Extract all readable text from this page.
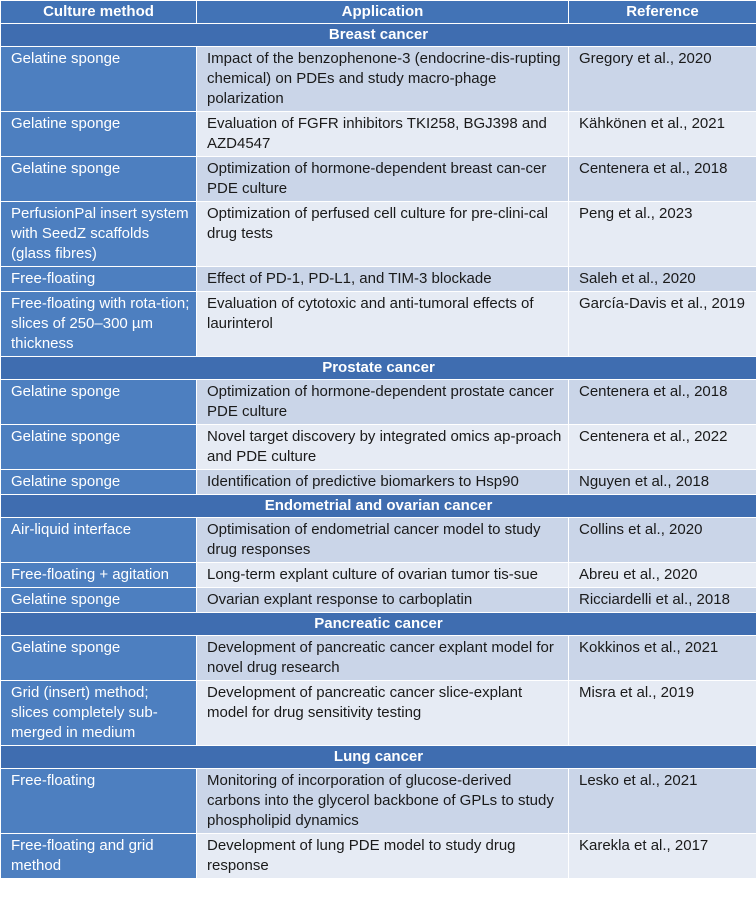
Culture method	Application	Reference
Breast cancer		
Gelatine sponge	Impact of the benzophenone-3 (endocrine-dis-rupting chemical) on PDEs and study macro-phage polarization	Gregory et al., 2020
Gelatine sponge	Evaluation of FGFR inhibitors TKI258, BGJ398 and AZD4547	Kähkönen et al., 2021
Gelatine sponge	Optimization of hormone-dependent breast can-cer PDE culture	Centenera et al., 2018
PerfusionPal insert system with SeedZ scaffolds (glass fibres)	Optimization of perfused cell culture for pre-clini-cal drug tests	Peng et al., 2023
Free-floating	Effect of PD-1, PD-L1, and TIM-3 blockade	Saleh et al., 2020
Free-floating with rota-tion; slices of 250–300 µm thickness	Evaluation of cytotoxic and anti-tumoral effects of laurinterol	García-Davis et al., 2019
Prostate cancer		
Gelatine sponge	Optimization of hormone-dependent prostate cancer PDE culture	Centenera et al., 2018
Gelatine sponge	Novel target discovery by integrated omics ap-proach and PDE culture	Centenera et al., 2022
Gelatine sponge	Identification of predictive biomarkers to Hsp90	Nguyen et al., 2018
Endometrial and ovarian cancer		
Air-liquid interface	Optimisation of endometrial cancer model to study drug responses	Collins et al., 2020
Free-floating + agitation	Long-term explant culture of ovarian tumor tis-sue	Abreu et al., 2020
Gelatine sponge	Ovarian explant response to carboplatin	Ricciardelli et al., 2018
Pancreatic cancer		
Gelatine sponge	Development of pancreatic cancer explant model for novel drug research	Kokkinos et al., 2021
Grid (insert) method; slices completely sub-merged in medium	Development of pancreatic cancer slice-explant model for drug sensitivity testing	Misra et al., 2019
Lung cancer		
Free-floating	Monitoring of incorporation of glucose-derived carbons into the glycerol backbone of GPLs to study phospholipid dynamics	Lesko et al., 2021
Free-floating and grid method	Development of lung PDE model to study drug response	Karekla et al., 2017
